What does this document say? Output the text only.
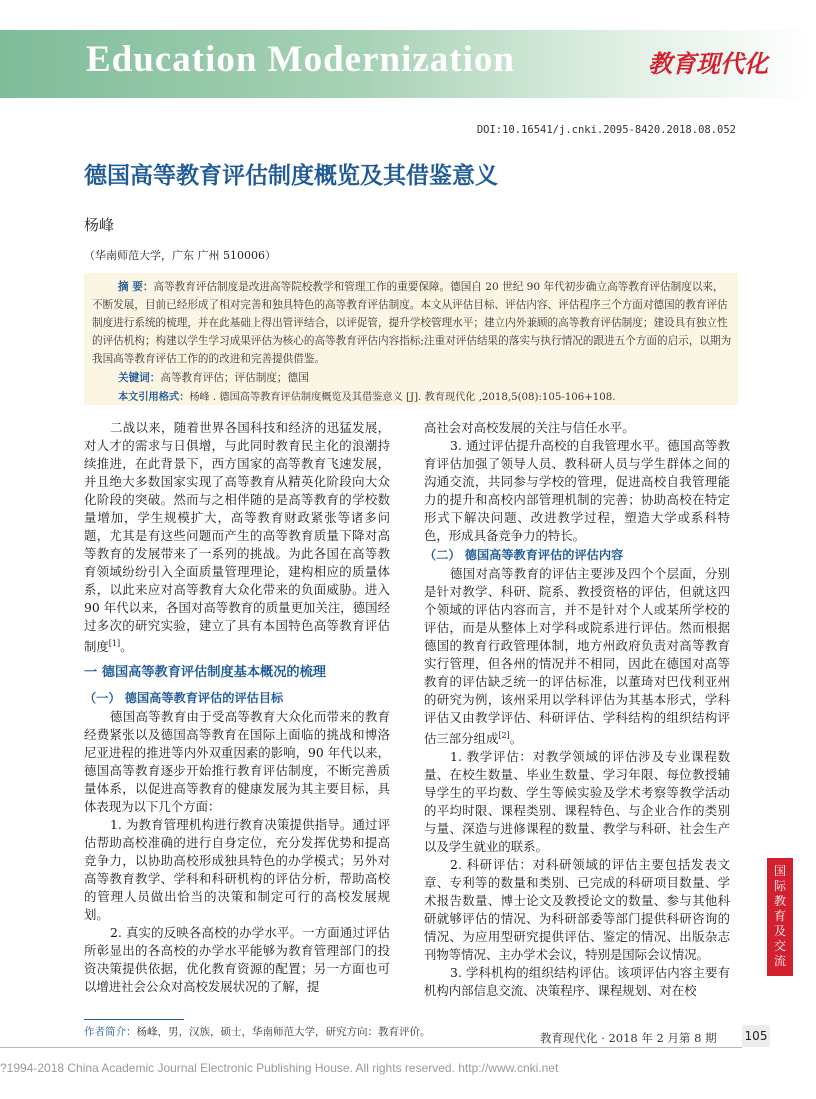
Education Modernization	教育现代化
DOI:10.16541/j.cnki.2095-8420.2018.08.052
德国高等教育评估制度概览及其借鉴意义
杨峰
（华南师范大学，广东 广州 510006）
摘 要：高等教育评估制度是改进高等院校教学和管理工作的重要保障。德国自 20 世纪 90 年代初步确立高等教育评估制度以来，不断发展，目前已经形成了相对完善和独具特色的高等教育评估制度。本文从评估目标、评估内容、评估程序三个方面对德国的教育评估制度进行系统的梳理，并在此基础上得出管评结合，以评促管，提升学校管理水平；建立内外兼顾的高等教育评估制度；建设具有独立性的评估机构；构建以学生学习成果评估为核心的高等教育评估内容指标;注重对评估结果的落实与执行情况的跟进五个方面的启示，以期为我国高等教育评估工作的的改进和完善提供借鉴。
关键词：高等教育评估；评估制度；德国
本文引用格式：杨峰 . 德国高等教育评估制度概览及其借鉴意义 [J]. 教育现代化 ,2018,5(08):105-106+108.

二战以来，随着世界各国科技和经济的迅猛发展，对人才的需求与日俱增，与此同时教育民主化的浪潮持续推进，在此背景下，西方国家的高等教育飞速发展，并且绝大多数国家实现了高等教育从精英化阶段向大众化阶段的突破。然而与之相伴随的是高等教育的学校数量增加，学生规模扩大，高等教育财政紧张等诸多问题，尤其是有这些问题而产生的高等教育质量下降对高等教育的发展带来了一系列的挑战。为此各国在高等教育领域纷纷引入全面质量管理理论，建构相应的质量体系，以此来应对高等教育大众化带来的负面威胁。进入 90 年代以来，各国对高等教育的质量更加关注，德国经过多次的研究实验，建立了具有本国特色高等教育评估制度[1]。

一 德国高等教育评估制度基本概况的梳理
（一） 德国高等教育评估的评估目标

德国高等教育由于受高等教育大众化而带来的教育经费紧张以及德国高等教育在国际上面临的挑战和博洛尼亚进程的推进等内外双重因素的影响，90 年代以来，德国高等教育逐步开始推行教育评估制度，不断完善质量体系，以促进高等教育的健康发展为其主要目标，具体表现为以下几个方面：

1. 为教育管理机构进行教育决策提供指导。通过评估帮助高校准确的进行自身定位，充分发挥优势和提高竞争力，以协助高校形成独具特色的办学模式；另外对高等教育教学、学科和科研机构的评估分析，帮助高校的管理人员做出恰当的决策和制定可行的高校发展规划。

2. 真实的反映各高校的办学水平。一方面通过评估所彰显出的各高校的办学水平能够为教育管理部门的投资决策提供依据，优化教育资源的配置；另一方面也可以增进社会公众对高校发展状况的了解，提

高社会对高校发展的关注与信任水平。

3. 通过评估提升高校的自我管理水平。德国高等教育评估加强了领导人员、教科研人员与学生群体之间的沟通交流，共同参与学校的管理，促进高校自我管理能力的提升和高校内部管理机制的完善；协助高校在特定形式下解决问题、改进教学过程，塑造大学或系科特色，形成具备竞争力的特长。

（二） 德国高等教育评估的评估内容

德国对高等教育的评估主要涉及四个个层面，分别是针对教学、科研、院系、教授资格的评估，但就这四个领域的评估内容而言，并不是针对个人或某所学校的评估，而是从整体上对学科或院系进行评估。然而根据德国的教育行政管理体制，地方州政府负责对高等教育实行管理，但各州的情况并不相同，因此在德国对高等教育的评估缺乏统一的评估标准，以董琦对巴伐利亚州的研究为例，该州采用以学科评估为其基本形式，学科评估又由教学评估、科研评估、学科结构的组织结构评估三部分组成[2]。

1. 教学评估：对教学领域的评估涉及专业课程数量、在校生数量、毕业生数量、学习年限、每位教授辅导学生的平均数、学生等候实验及学术考察等教学活动的平均时限、课程类别、课程特色、与企业合作的类别与量、深造与进修课程的数量、教学与科研、社会生产以及学生就业的联系。

2. 科研评估：对科研领域的评估主要包括发表文章、专利等的数量和类别、已完成的科研项目数量、学术报告数量、博士论文及教授论文的数量、参与其他科研就够评估的情况、为科研部委等部门提供科研咨询的情况、为应用型研究提供评估、鉴定的情况、出版杂志刊物等情况、主办学术会议，特别是国际会议情况。

3. 学科机构的组织结构评估。该项评估内容主要有机构内部信息交流、决策程序、课程规划、对在校

国
际
教
育
及
交
流
作者简介：杨峰，男，汉族，硕士，华南师范大学，研究方向：教育评价。	教育现代化 · 2018 年 2 月第 8 期 105
?1994-2018 China Academic Journal Electronic Publishing House. All rights reserved. http://www.cnki.net
